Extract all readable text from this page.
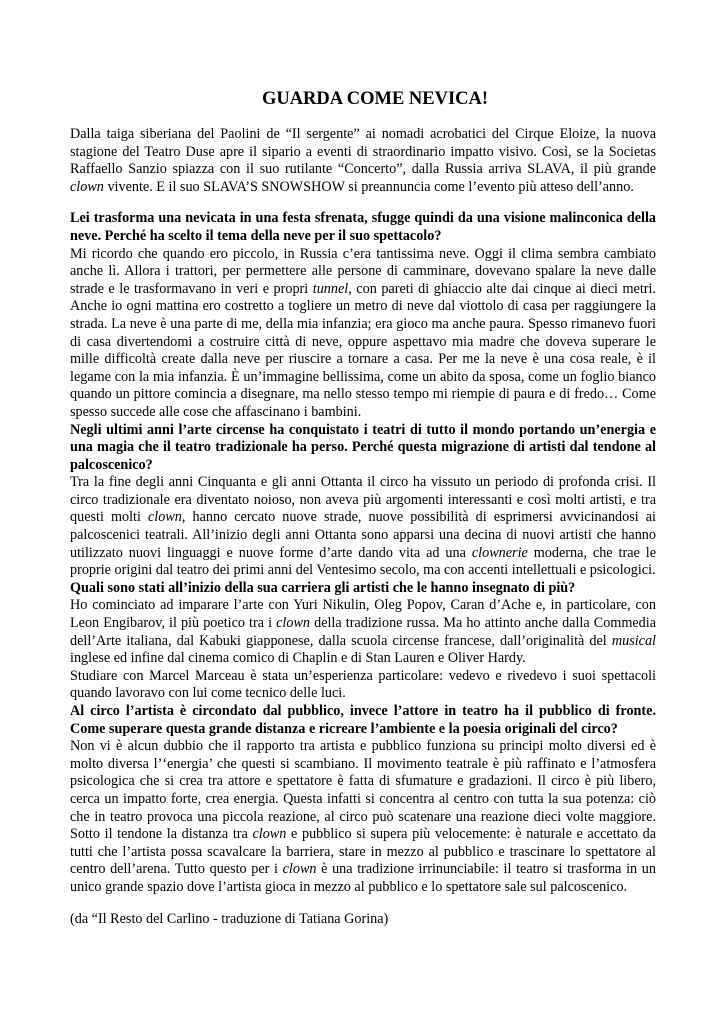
GUARDA COME NEVICA!

Dalla taiga siberiana del Paolini de “Il sergente” ai nomadi acrobatici del Cirque Eloize, la nuova stagione del Teatro Duse apre il sipario a eventi di straordinario impatto visivo. Così, se la Societas Raffaello Sanzio spiazza con il suo rutilante “Concerto”, dalla Russia arriva SLAVA, il più grande clown vivente. E il suo SLAVA’S SNOWSHOW si preannuncia come l’evento più atteso dell’anno.

Lei trasforma una nevicata in una festa sfrenata, sfugge quindi da una visione malinconica della neve. Perché ha scelto il tema della neve per il suo spettacolo?

Mi ricordo che quando ero piccolo, in Russia c’era tantissima neve. Oggi il clima sembra cambiato anche lì. Allora i trattori, per permettere alle persone di camminare, dovevano spalare la neve dalle strade e le trasformavano in veri e propri tunnel, con pareti di ghiaccio alte dai cinque ai dieci metri. Anche io ogni mattina ero costretto a togliere un metro di neve dal viottolo di casa per raggiungere la strada. La neve è una parte di me, della mia infanzia; era gioco ma anche paura. Spesso rimanevo fuori di casa divertendomi a costruire città di neve, oppure aspettavo mia madre che doveva superare le mille difficoltà create dalla neve per riuscire a tornare a casa. Per me la neve è una cosa reale, è il legame con la mia infanzia. È un’immagine bellissima, come un abito da sposa, come un foglio bianco quando un pittore comincia a disegnare, ma nello stesso tempo mi riempie di paura e di fredo… Come spesso succede alle cose che affascinano i bambini.

Negli ultimi anni l’arte circense ha conquistato i teatri di tutto il mondo portando un’energia e una magia che il teatro tradizionale ha perso. Perché questa migrazione di artisti dal tendone al palcoscenico?

Tra la fine degli anni Cinquanta e gli anni Ottanta il circo ha vissuto un periodo di profonda crisi. Il circo tradizionale era diventato noioso, non aveva più argomenti interessanti e così molti artisti, e tra questi molti clown, hanno cercato nuove strade, nuove possibilità di esprimersi avvicinandosi ai palcoscenici teatrali. All’inizio degli anni Ottanta sono apparsi una decina di nuovi artisti che hanno utilizzato nuovi linguaggi e nuove forme d’arte dando vita ad una clownerie moderna, che trae le proprie origini dal teatro dei primi anni del Ventesimo secolo, ma con accenti intellettuali e psicologici.

Quali sono stati all’inizio della sua carriera gli artisti che le hanno insegnato di più?

Ho cominciato ad imparare l’arte con Yuri Nikulin, Oleg Popov, Caran d’Ache e, in particolare, con Leon Engibarov, il più poetico tra i clown della tradizione russa. Ma ho attinto anche dalla Commedia dell’Arte italiana, dal Kabuki giapponese, dalla scuola circense francese, dall’originalità del musical inglese ed infine dal cinema comico di Chaplin e di Stan Lauren e Oliver Hardy.

Studiare con Marcel Marceau è stata un’esperienza particolare: vedevo e rivedevo i suoi spettacoli quando lavoravo con lui come tecnico delle luci.

Al circo l’artista è circondato dal pubblico, invece l’attore in teatro ha il pubblico di fronte. Come superare questa grande distanza e ricreare l’ambiente e la poesia originali del circo?

Non vi è alcun dubbio che il rapporto tra artista e pubblico funziona su principi molto diversi ed è molto diversa l’‘energia’ che questi si scambiano. Il movimento teatrale è più raffinato e l’atmosfera psicologica che si crea tra attore e spettatore è fatta di sfumature e gradazioni. Il circo è più libero, cerca un impatto forte, crea energia. Questa infatti si concentra al centro con tutta la sua potenza: ciò che in teatro provoca una piccola reazione, al circo può scatenare una reazione dieci volte maggiore. Sotto il tendone la distanza tra clown e pubblico si supera più velocemente: è naturale e accettato da tutti che l’artista possa scavalcare la barriera, stare in mezzo al pubblico e trascinare lo spettatore al centro dell’arena. Tutto questo per i clown è una tradizione irrinunciabile: il teatro si trasforma in un unico grande spazio dove l’artista gioca in mezzo al pubblico e lo spettatore sale sul palcoscenico.

(da “Il Resto del Carlino - traduzione di Tatiana Gorina)
